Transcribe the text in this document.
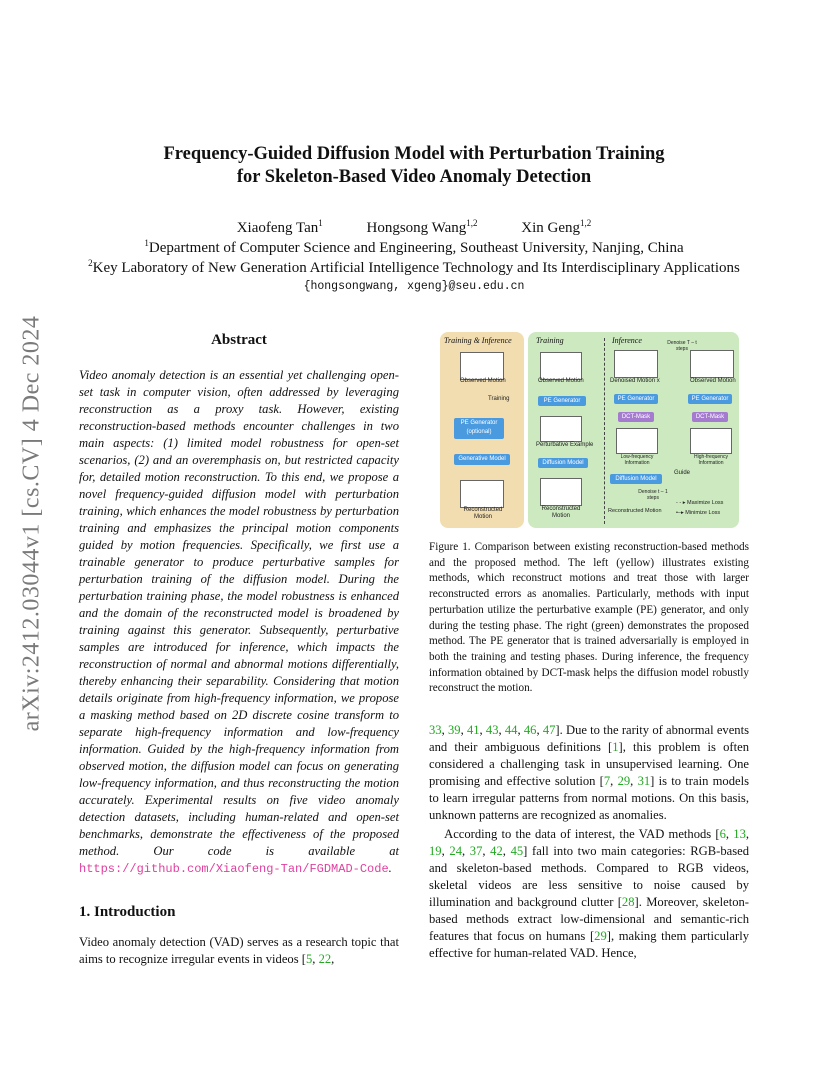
arXiv:2412.03044v1 [cs.CV] 4 Dec 2024
Frequency-Guided Diffusion Model with Perturbation Training
for Skeleton-Based Video Anomaly Detection
Xiaofeng Tan$^1$	Hongsong Wang$^{1,2}$	Xin Geng$^{1,2}$
$^1$Department of Computer Science and Engineering, Southeast University, Nanjing, China
$^2$Key Laboratory of New Generation Artificial Intelligence Technology and Its Interdisciplinary Applications
{hongsongwang, xgeng}@seu.edu.cn
Abstract
Video anomaly detection is an essential yet challenging open-set task in computer vision, often addressed by leveraging reconstruction as a proxy task. However, existing reconstruction-based methods encounter challenges in two main aspects: (1) limited model robustness for open-set scenarios, (2) and an overemphasis on, but restricted capacity for, detailed motion reconstruction. To this end, we propose a novel frequency-guided diffusion model with perturbation training, which enhances the model robustness by perturbation training and emphasizes the principal motion components guided by motion frequencies. Specifically, we first use a trainable generator to produce perturbative samples for perturbation training of the diffusion model. During the perturbation training phase, the model robustness is enhanced and the domain of the reconstructed model is broadened by training against this generator. Subsequently, perturbative samples are introduced for inference, which impacts the reconstruction of normal and abnormal motions differentially, thereby enhancing their separability. Considering that motion details originate from high-frequency information, we propose a masking method based on 2D discrete cosine transform to separate high-frequency information and low-frequency information. Guided by the high-frequency information from observed motion, the diffusion model can focus on generating low-frequency information, and thus reconstructing the motion accurately. Experimental results on five video anomaly detection datasets, including human-related and open-set benchmarks, demonstrate the effectiveness of the proposed method. Our code is available at https://github.com/Xiaofeng-Tan/FGDMAD-Code.
1. Introduction
Video anomaly detection (VAD) serves as a research topic that aims to recognize irregular events in videos [5, 22,
Training & Inference
Observed Motion
Training
PE Generator (optional)
Generative Model
Reconstructed Motion
Training	Inference
Observed Motion
PE Generator
Perturbative Example
Diffusion Model
Reconstructed Motion
Denoise T – t steps
Denoised Motion x	Observed Motion
PE Generator	PE Generator
DCT-Mask	DCT-Mask
Low-frequency Information
High-frequency Information
Guide
Diffusion Model
Denoise t – 1 steps
Reconstructed Motion
- - ▸ Maximize Loss
•–▸ Minimize Loss
Figure 1. Comparison between existing reconstruction-based methods and the proposed method. The left (yellow) illustrates existing methods, which reconstruct motions and treat those with larger reconstructed errors as anomalies. Particularly, methods with input perturbation utilize the perturbative example (PE) generator, and only during the testing phase. The right (green) demonstrates the proposed method. The PE generator that is trained adversarially is employed in both the training and testing phases. During inference, the frequency information obtained by DCT-mask helps the diffusion model robustly reconstruct the motion.

33, 39, 41, 43, 44, 46, 47]. Due to the rarity of abnormal events and their ambiguous definitions [1], this problem is often considered a challenging task in unsupervised learning. One promising and effective solution [7, 29, 31] is to train models to learn irregular patterns from normal motions. On this basis, unknown patterns are recognized as anomalies.

According to the data of interest, the VAD methods [6, 13, 19, 24, 37, 42, 45] fall into two main categories: RGB-based and skeleton-based methods. Compared to RGB videos, skeletal videos are less sensitive to noise caused by illumination and background clutter [28]. Moreover, skeleton-based methods extract low-dimensional and semantic-rich features that focus on humans [29], making them particularly effective for human-related VAD. Hence,
